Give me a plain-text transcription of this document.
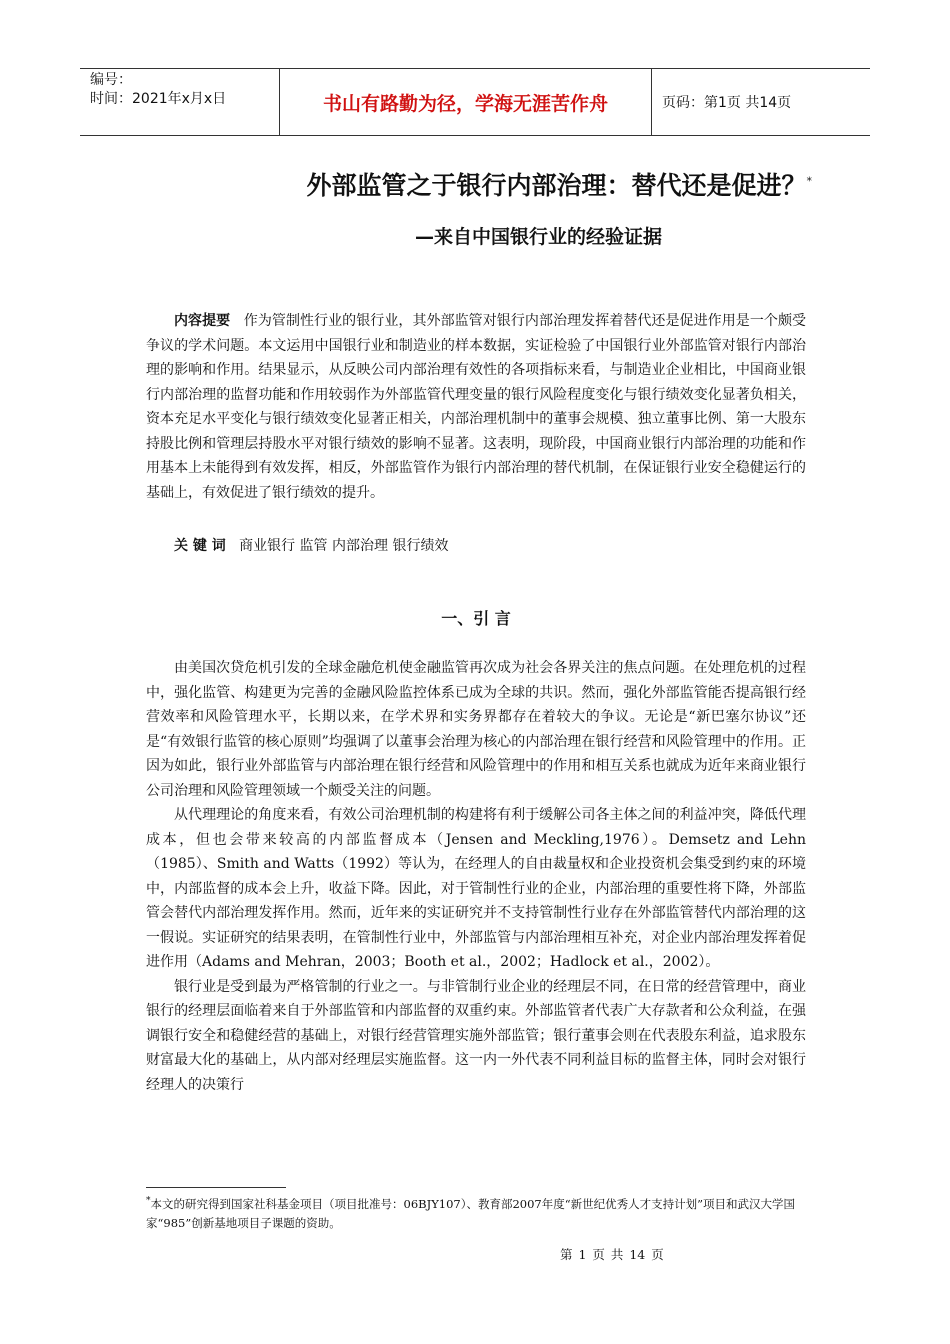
编号：
时间：2021年x月x日	书山有路勤为径，学海无涯苦作舟	页码：第1页 共14页
外部监管之于银行内部治理：替代还是促进？*
—来自中国银行业的经验证据

内容提要 作为管制性行业的银行业，其外部监管对银行内部治理发挥着替代还是促进作用是一个颇受争议的学术问题。本文运用中国银行业和制造业的样本数据，实证检验了中国银行业外部监管对银行内部治理的影响和作用。结果显示，从反映公司内部治理有效性的各项指标来看，与制造业企业相比，中国商业银行内部治理的监督功能和作用较弱作为外部监管代理变量的银行风险程度变化与银行绩效变化显著负相关，资本充足水平变化与银行绩效变化显著正相关，内部治理机制中的董事会规模、独立董事比例、第一大股东持股比例和管理层持股水平对银行绩效的影响不显著。这表明，现阶段，中国商业银行内部治理的功能和作用基本上未能得到有效发挥，相反，外部监管作为银行内部治理的替代机制，在保证银行业安全稳健运行的基础上，有效促进了银行绩效的提升。

关 键 词 商业银行 监管 内部治理 银行绩效
一、引 言

由美国次贷危机引发的全球金融危机使金融监管再次成为社会各界关注的焦点问题。在处理危机的过程中，强化监管、构建更为完善的金融风险监控体系已成为全球的共识。然而，强化外部监管能否提高银行经营效率和风险管理水平，长期以来，在学术界和实务界都存在着较大的争议。无论是“新巴塞尔协议”还是“有效银行监管的核心原则”均强调了以董事会治理为核心的内部治理在银行经营和风险管理中的作用。正因为如此，银行业外部监管与内部治理在银行经营和风险管理中的作用和相互关系也就成为近年来商业银行公司治理和风险管理领域一个颇受关注的问题。

从代理理论的角度来看，有效公司治理机制的构建将有利于缓解公司各主体之间的利益冲突，降低代理成本，但也会带来较高的内部监督成本（Jensen and Meckling,1976）。Demsetz and Lehn（1985）、Smith and Watts（1992）等认为，在经理人的自由裁量权和企业投资机会集受到约束的环境中，内部监督的成本会上升，收益下降。因此，对于管制性行业的企业，内部治理的重要性将下降，外部监管会替代内部治理发挥作用。然而，近年来的实证研究并不支持管制性行业存在外部监管替代内部治理的这一假说。实证研究的结果表明，在管制性行业中，外部监管与内部治理相互补充，对企业内部治理发挥着促进作用（Adams and Mehran，2003；Booth et al.，2002；Hadlock et al.，2002）。

银行业是受到最为严格管制的行业之一。与非管制行业企业的经理层不同，在日常的经营管理中，商业银行的经理层面临着来自于外部监管和内部监督的双重约束。外部监管者代表广大存款者和公众利益，在强调银行安全和稳健经营的基础上，对银行经营管理实施外部监管；银行董事会则在代表股东利益，追求股东财富最大化的基础上，从内部对经理层实施监督。这一内一外代表不同利益目标的监督主体，同时会对银行经理人的决策行

*本文的研究得到国家社科基金项目（项目批准号：06BJY107）、教育部2007年度“新世纪优秀人才支持计划”项目和武汉大学国家“985”创新基地项目子课题的资助。
第 1 页 共 14 页
